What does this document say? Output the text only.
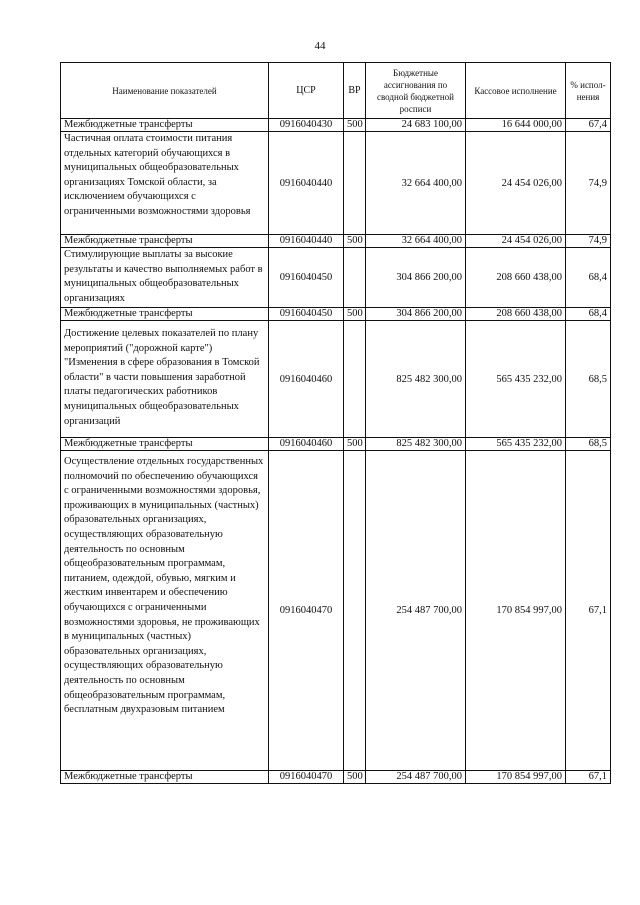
44
Наименование показателей	ЦСР	ВР	Бюджетные ассигнования по сводной бюджетной росписи	Кассовое исполнение	% испол-нения
Межбюджетные трансферты	0916040430	500	24 683 100,00	16 644 000,00	67,4
Частичная оплата стоимости питания отдельных категорий обучающихся в муниципальных общеобразовательных организациях Томской области, за исключением обучающихся с ограниченными возможностями здоровья	0916040440		32 664 400,00	24 454 026,00	74,9
Межбюджетные трансферты	0916040440	500	32 664 400,00	24 454 026,00	74,9
Стимулирующие выплаты за высокие результаты и качество выполняемых работ в муниципальных общеобразовательных организациях	0916040450		304 866 200,00	208 660 438,00	68,4
Межбюджетные трансферты	0916040450	500	304 866 200,00	208 660 438,00	68,4
Достижение целевых показателей по плану мероприятий ("дорожной карте") "Изменения в сфере образования в Томской области" в части повышения заработной платы педагогических работников муниципальных общеобразовательных организаций	0916040460		825 482 300,00	565 435 232,00	68,5
Межбюджетные трансферты	0916040460	500	825 482 300,00	565 435 232,00	68,5
Осуществление отдельных государственных полномочий по обеспечению обучающихся с ограниченными возможностями здоровья, проживающих в муниципальных (частных) образовательных организациях, осуществляющих образовательную деятельность по основным общеобразовательным программам, питанием, одеждой, обувью, мягким и жестким инвентарем и обеспечению обучающихся с ограниченными возможностями здоровья, не проживающих в муниципальных (частных) образовательных организациях, осуществляющих образовательную деятельность по основным общеобразовательным программам, бесплатным двухразовым питанием	0916040470		254 487 700,00	170 854 997,00	67,1
Межбюджетные трансферты	0916040470	500	254 487 700,00	170 854 997,00	67,1
